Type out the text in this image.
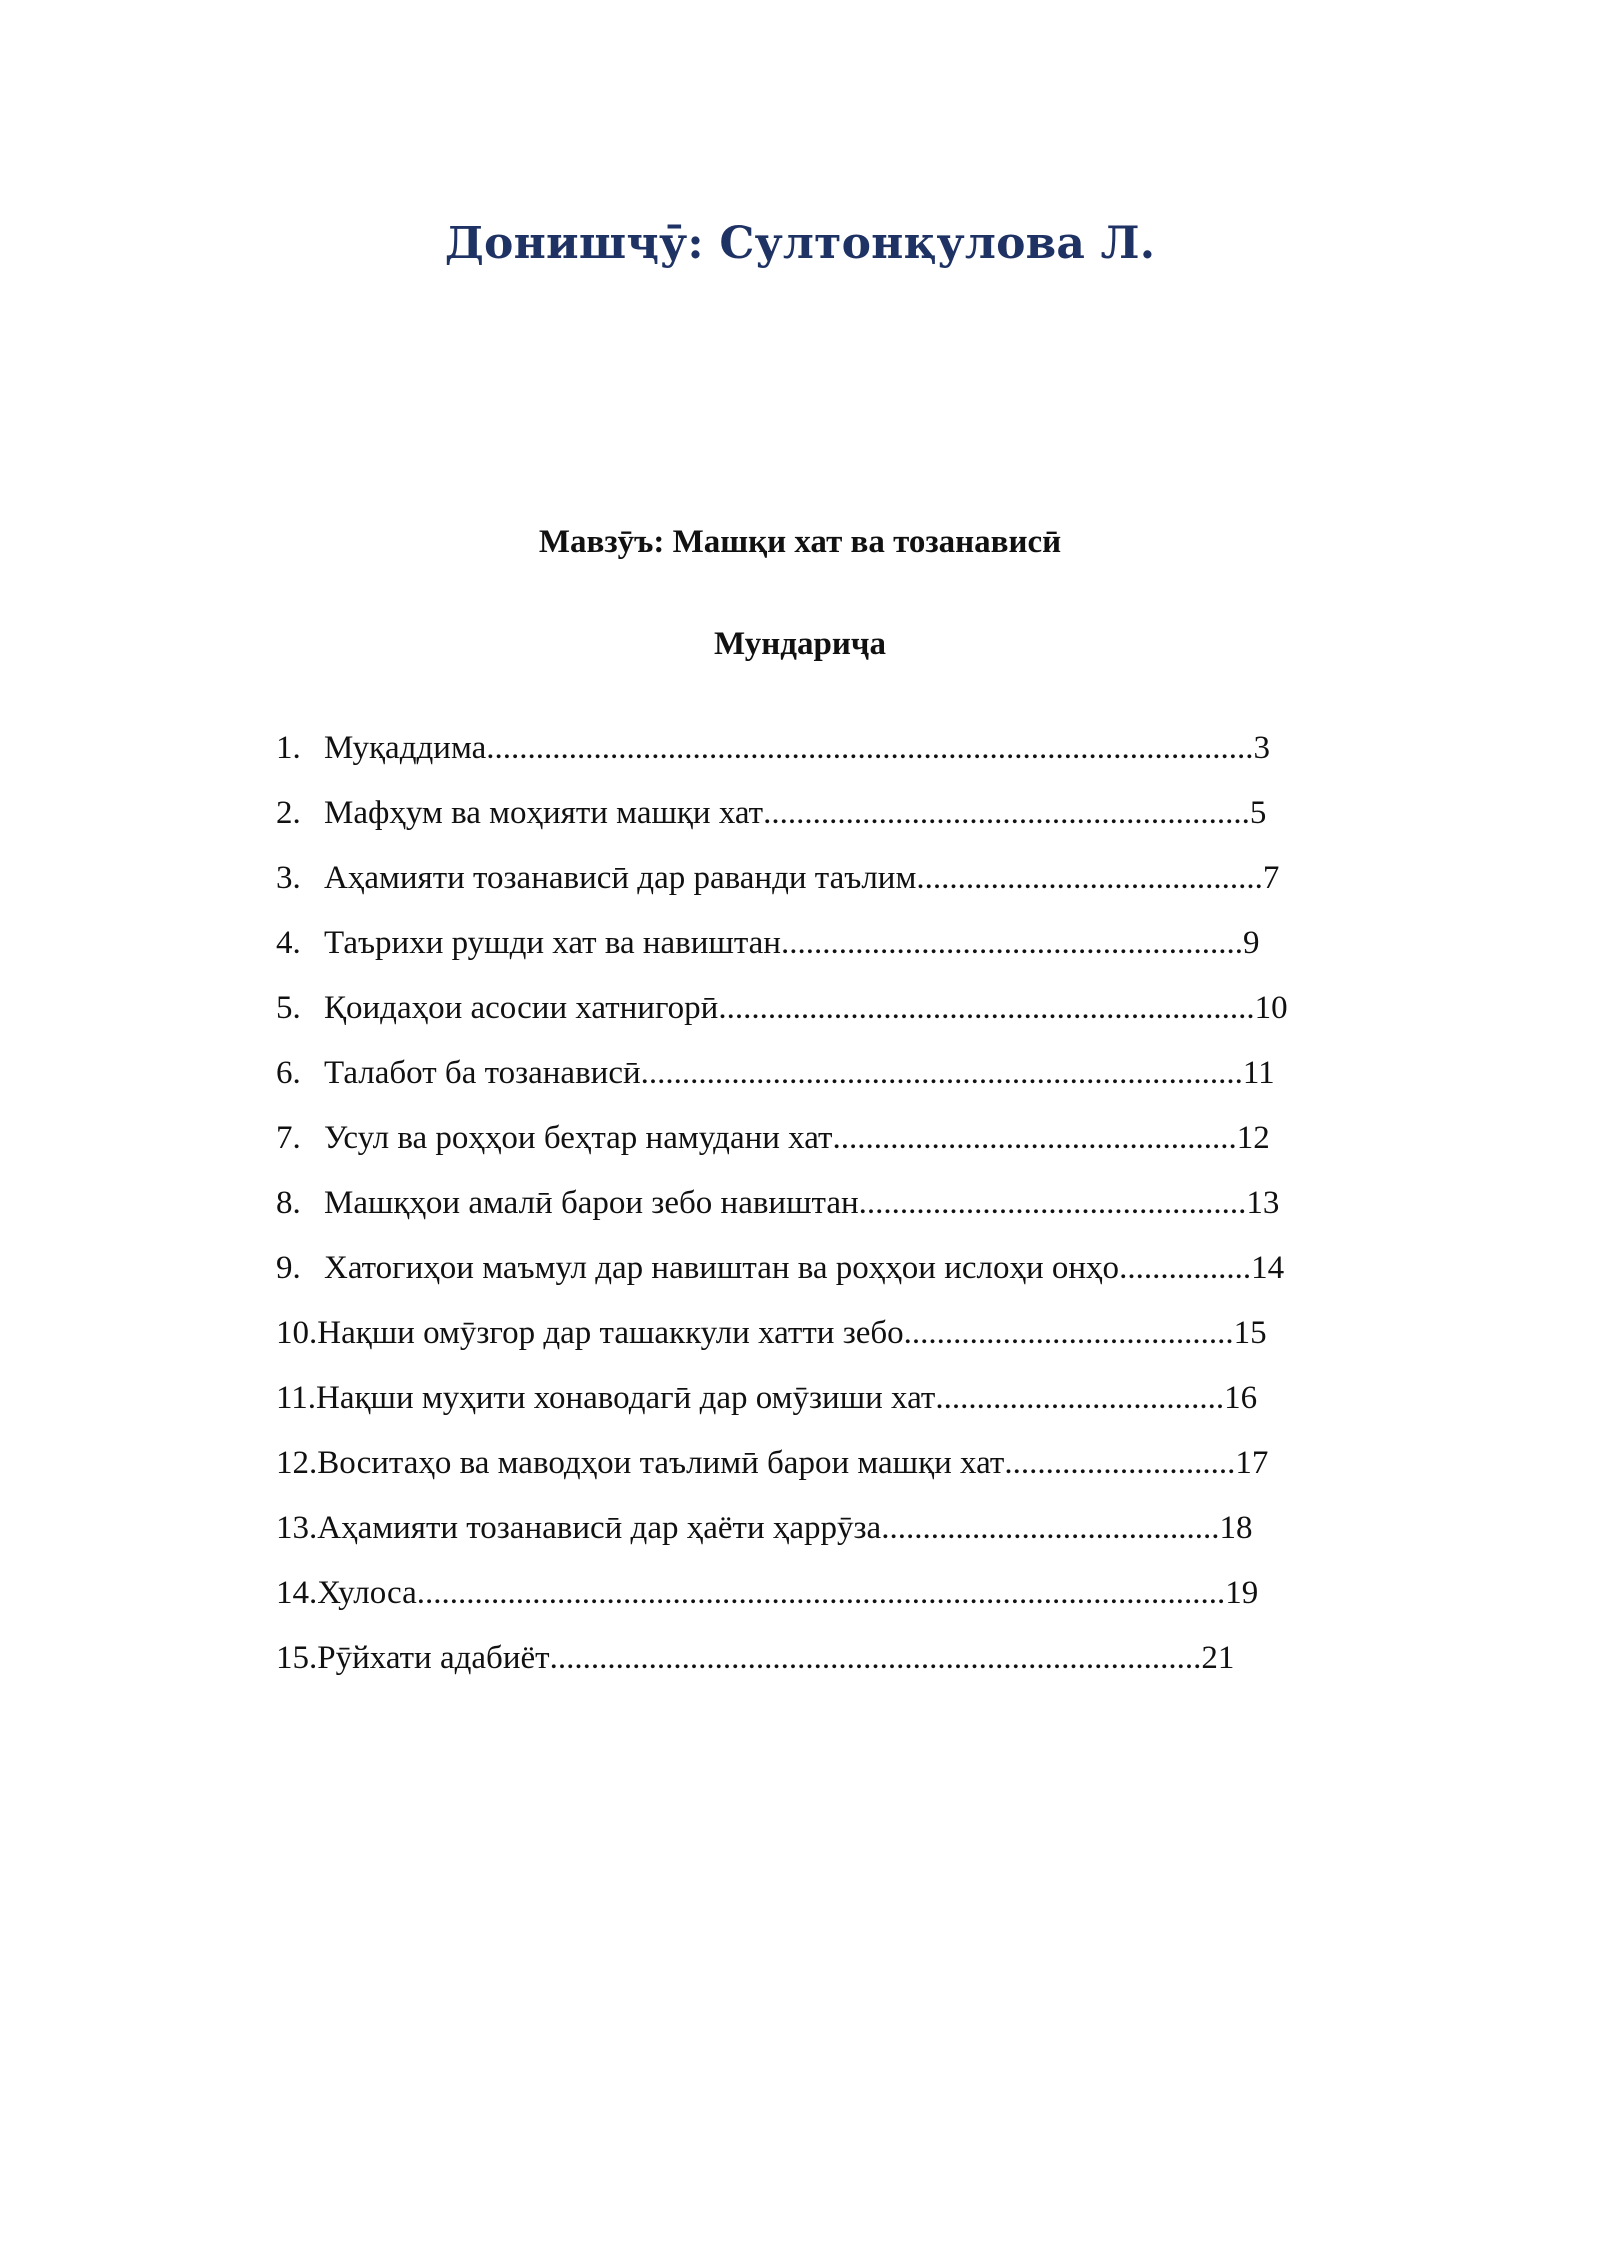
Донишҷӯ: Султонқулова Л.
Мавзӯъ: Машқи хат ва тозанависӣ
Мундариҷа
1. Муқаддима ............................................................................................. 3
2. Мафҳум ва моҳияти машқи хат ........................................................... 5
3. Аҳамияти тозанависӣ дар раванди таълим .......................................... 7
4. Таърихи рушди хат ва навиштан ........................................................ 9
5. Қоидаҳои асосии хатнигорӣ ................................................................. 10
6. Талабот ба тозанависӣ ......................................................................... 11
7. Усул ва роҳҳои беҳтар намудани хат ................................................. 12
8. Машқҳои амалӣ барои зебо навиштан ............................................... 13
9. Хатогиҳои маъмул дар навиштан ва роҳҳои ислоҳи онҳо ................ 14
10. Нақши омӯзгор дар ташаккули хатти зебо ........................................ 15
11. Нақши муҳити хонаводагӣ дар омӯзиши хат ................................... 16
12. Воситаҳо ва маводҳои таълимӣ барои машқи хат ............................ 17
13. Аҳамияти тозанависӣ дар ҳаёти ҳаррӯза ......................................... 18
14. Хулоса .................................................................................................. 19
15. Рӯйхати адабиёт ............................................................................... 21
